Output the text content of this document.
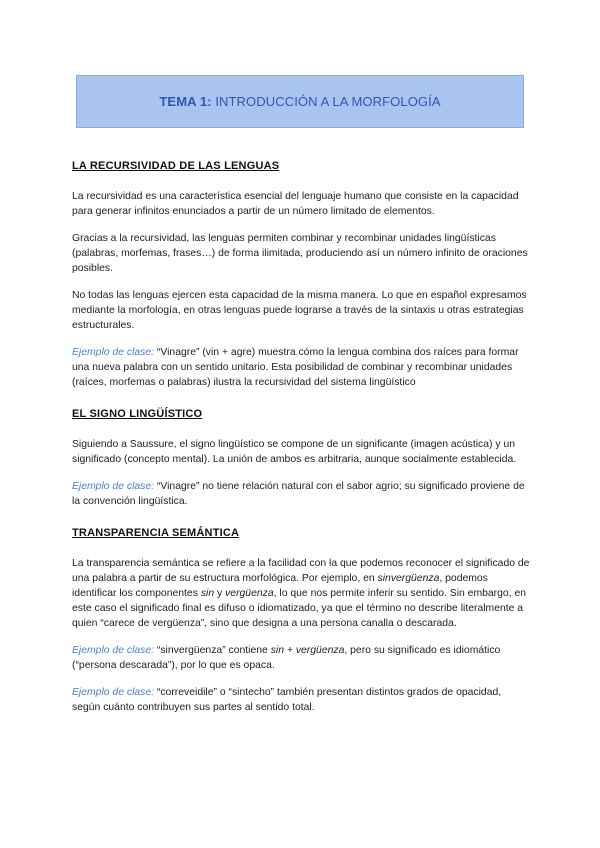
TEMA 1: INTRODUCCIÓN A LA MORFOLOGÍA
LA RECURSIVIDAD DE LAS LENGUAS

La recursividad es una característica esencial del lenguaje humano que consiste en la capacidad para generar infinitos enunciados a partir de un número limitado de elementos.

Gracias a la recursividad, las lenguas permiten combinar y recombinar unidades lingüísticas (palabras, morfemas, frases…) de forma ilimitada, produciendo así un número infinito de oraciones posibles.

No todas las lenguas ejercen esta capacidad de la misma manera. Lo que en español expresamos mediante la morfología, en otras lenguas puede lograrse a través de la sintaxis u otras estrategias estructurales.

Ejemplo de clase: “Vinagre” (vin + agre) muestra cómo la lengua combina dos raíces para formar una nueva palabra con un sentido unitario. Esta posibilidad de combinar y recombinar unidades (raíces, morfemas o palabras) ilustra la recursividad del sistema lingüístico

EL SIGNO LINGÜÍSTICO

Siguiendo a Saussure, el signo lingüístico se compone de un significante (imagen acústica) y un significado (concepto mental). La unión de ambos es arbitraria, aunque socialmente establecida.

Ejemplo de clase: “Vinagre” no tiene relación natural con el sabor agrio; su significado proviene de la convención lingüística.

TRANSPARENCIA SEMÁNTICA

La transparencia semántica se refiere a la facilidad con la que podemos reconocer el significado de una palabra a partir de su estructura morfológica. Por ejemplo, en sinvergüenza, podemos identificar los componentes sin y vergüenza, lo que nos permite inferir su sentido. Sin embargo, en este caso el significado final es difuso o idiomatizado, ya que el término no describe literalmente a quien “carece de vergüenza”, sino que designa a una persona canalla o descarada.

Ejemplo de clase: “sinvergüenza” contiene sin + vergüenza, pero su significado es idiomático (“persona descarada”), por lo que es opaca.

Ejemplo de clase: “correveidile” o “sintecho” también presentan distintos grados de opacidad, según cuánto contribuyen sus partes al sentido total.
